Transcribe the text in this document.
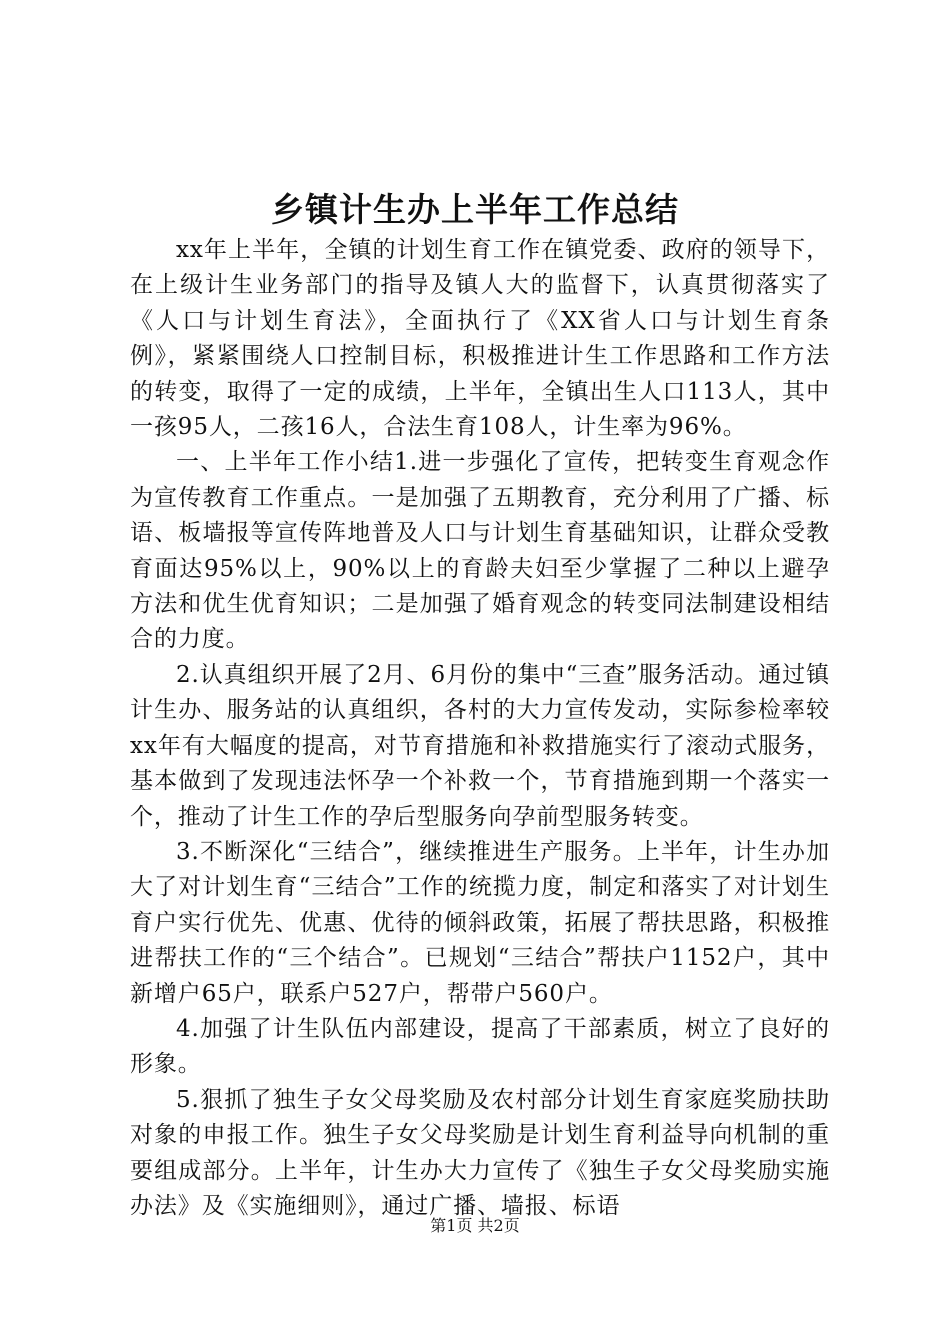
乡镇计生办上半年工作总结

xx年上半年，全镇的计划生育工作在镇党委、政府的领导下，在上级计生业务部门的指导及镇人大的监督下，认真贯彻落实了《人口与计划生育法》，全面执行了《XX省人口与计划生育条例》，紧紧围绕人口控制目标，积极推进计生工作思路和工作方法的转变，取得了一定的成绩，上半年，全镇出生人口113人，其中一孩95人，二孩16人，合法生育108人，计生率为96%。

一、上半年工作小结1.进一步强化了宣传，把转变生育观念作为宣传教育工作重点。一是加强了五期教育，充分利用了广播、标语、板墙报等宣传阵地普及人口与计划生育基础知识，让群众受教育面达95%以上，90%以上的育龄夫妇至少掌握了二种以上避孕方法和优生优育知识；二是加强了婚育观念的转变同法制建设相结合的力度。

2.认真组织开展了2月、6月份的集中“三查”服务活动。通过镇计生办、服务站的认真组织，各村的大力宣传发动，实际参检率较xx年有大幅度的提高，对节育措施和补救措施实行了滚动式服务，基本做到了发现违法怀孕一个补救一个，节育措施到期一个落实一个，推动了计生工作的孕后型服务向孕前型服务转变。

3.不断深化“三结合”，继续推进生产服务。上半年，计生办加大了对计划生育“三结合”工作的统揽力度，制定和落实了对计划生育户实行优先、优惠、优待的倾斜政策，拓展了帮扶思路，积极推进帮扶工作的“三个结合”。已规划“三结合”帮扶户1152户，其中新增户65户，联系户527户，帮带户560户。

4.加强了计生队伍内部建设，提高了干部素质，树立了良好的形象。

5.狠抓了独生子女父母奖励及农村部分计划生育家庭奖励扶助对象的申报工作。独生子女父母奖励是计划生育利益导向机制的重要组成部分。上半年，计生办大力宣传了《独生子女父母奖励实施办法》及《实施细则》，通过广播、墙报、标语

第1页 共2页
